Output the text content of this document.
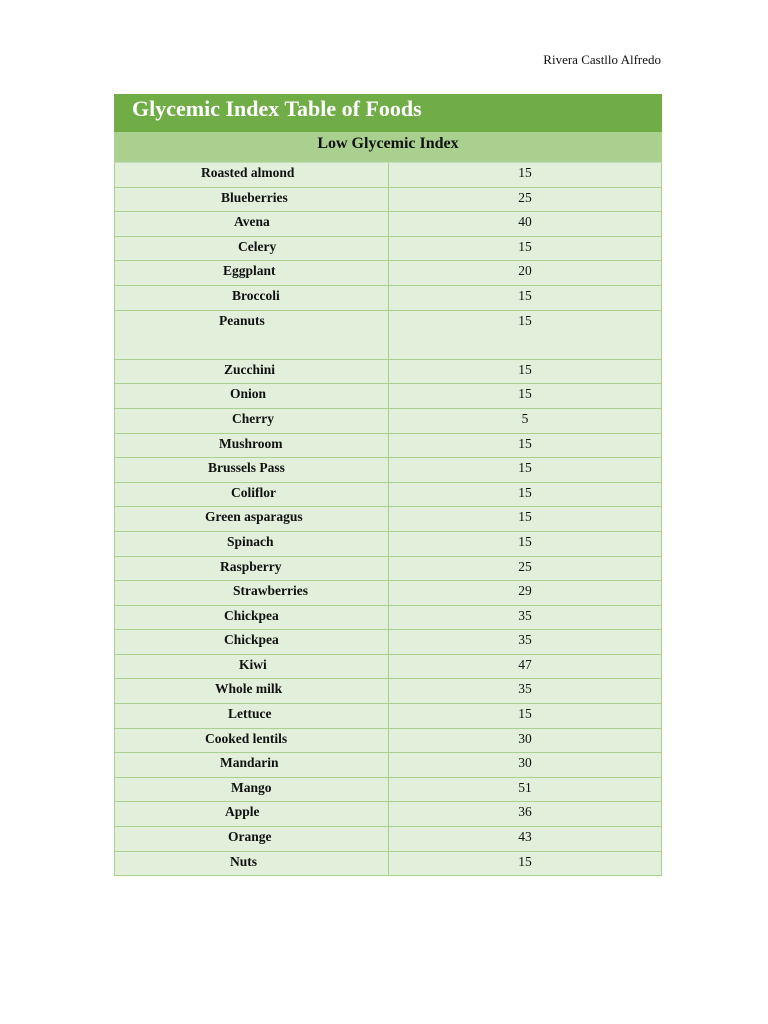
Rivera Castllo Alfredo
Glycemic Index Table of Foods
Low Glycemic Index
Roasted almond	15
Blueberries	25
Avena	40
Celery	15
Eggplant	20
Broccoli	15
Peanuts	15
Zucchini	15
Onion	15
Cherry	5
Mushroom	15
Brussels Pass	15
Coliflor	15
Green asparagus	15
Spinach	15
Raspberry	25
Strawberries	29
Chickpea	35
Chickpea	35
Kiwi	47
Whole milk	35
Lettuce	15
Cooked lentils	30
Mandarin	30
Mango	51
Apple	36
Orange	43
Nuts	15
